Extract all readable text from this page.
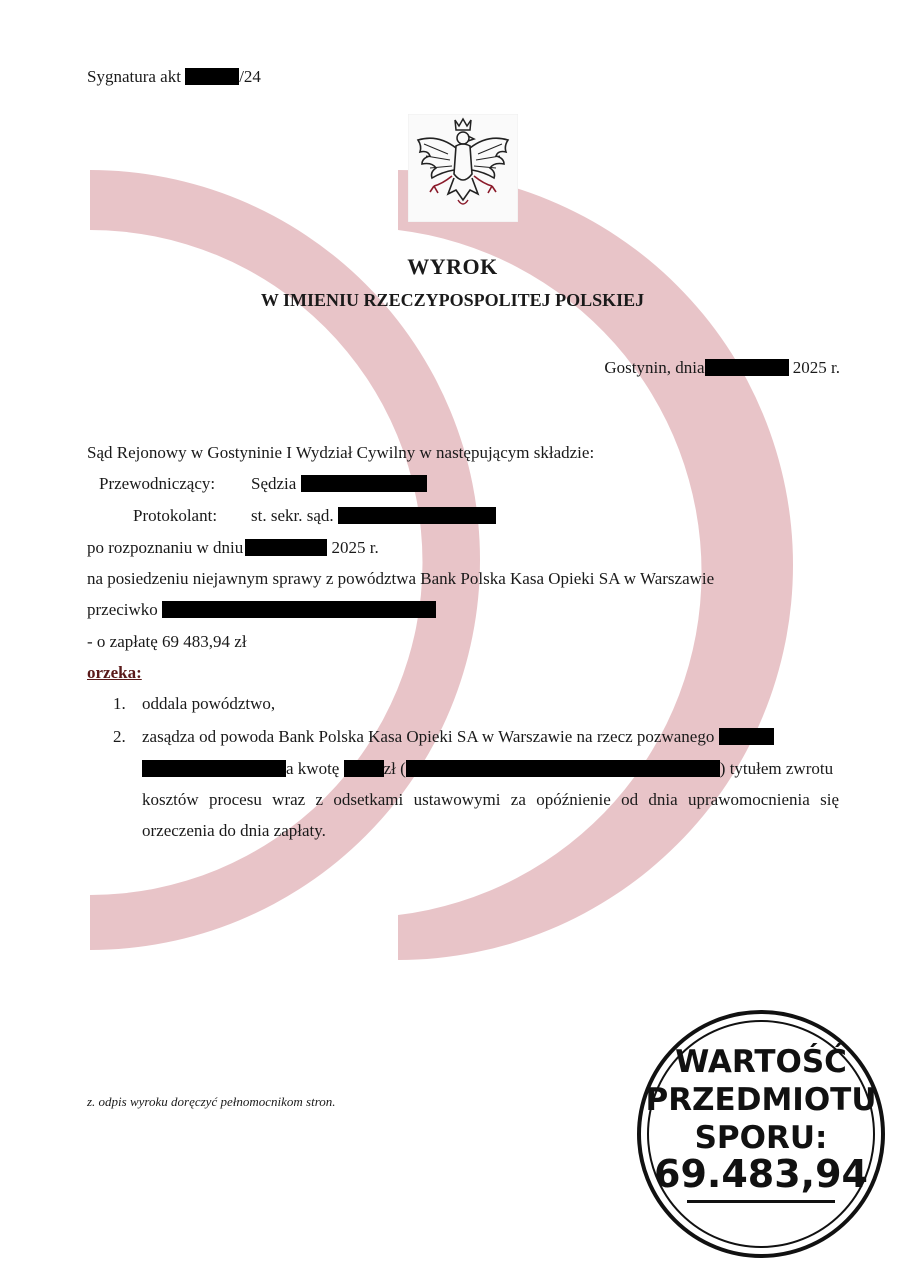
Sygnatura akt	/24
WYROK
W IMIENIU RZECZYPOSPOLITEJ POLSKIEJ
Gostynin, dnia	2025 r.
Sąd Rejonowy w Gostyninie I Wydział Cywilny w następującym składzie:
Przewodniczący: Sędzia
Protokolant: st. sekr. sąd.
po rozpoznaniu w dniu	2025 r.
na posiedzeniu niejawnym sprawy z powództwa Bank Polska Kasa Opieki SA w Warszawie
przeciwko
- o zapłatę 69 483,94 zł
orzeka:
1. oddala powództwo,
2. zasądza od powoda Bank Polska Kasa Opieki SA w Warszawie na rzecz pozwanego
a kwotę	zł (	) tytułem zwrotu
kosztów procesu wraz z odsetkami ustawowymi za opóźnienie od dnia uprawomocnienia się
orzeczenia do dnia zapłaty.
z. odpis wyroku doręczyć pełnomocnikom stron.
WARTOŚĆ
PRZEDMIOTU
SPORU:
69.483,94
